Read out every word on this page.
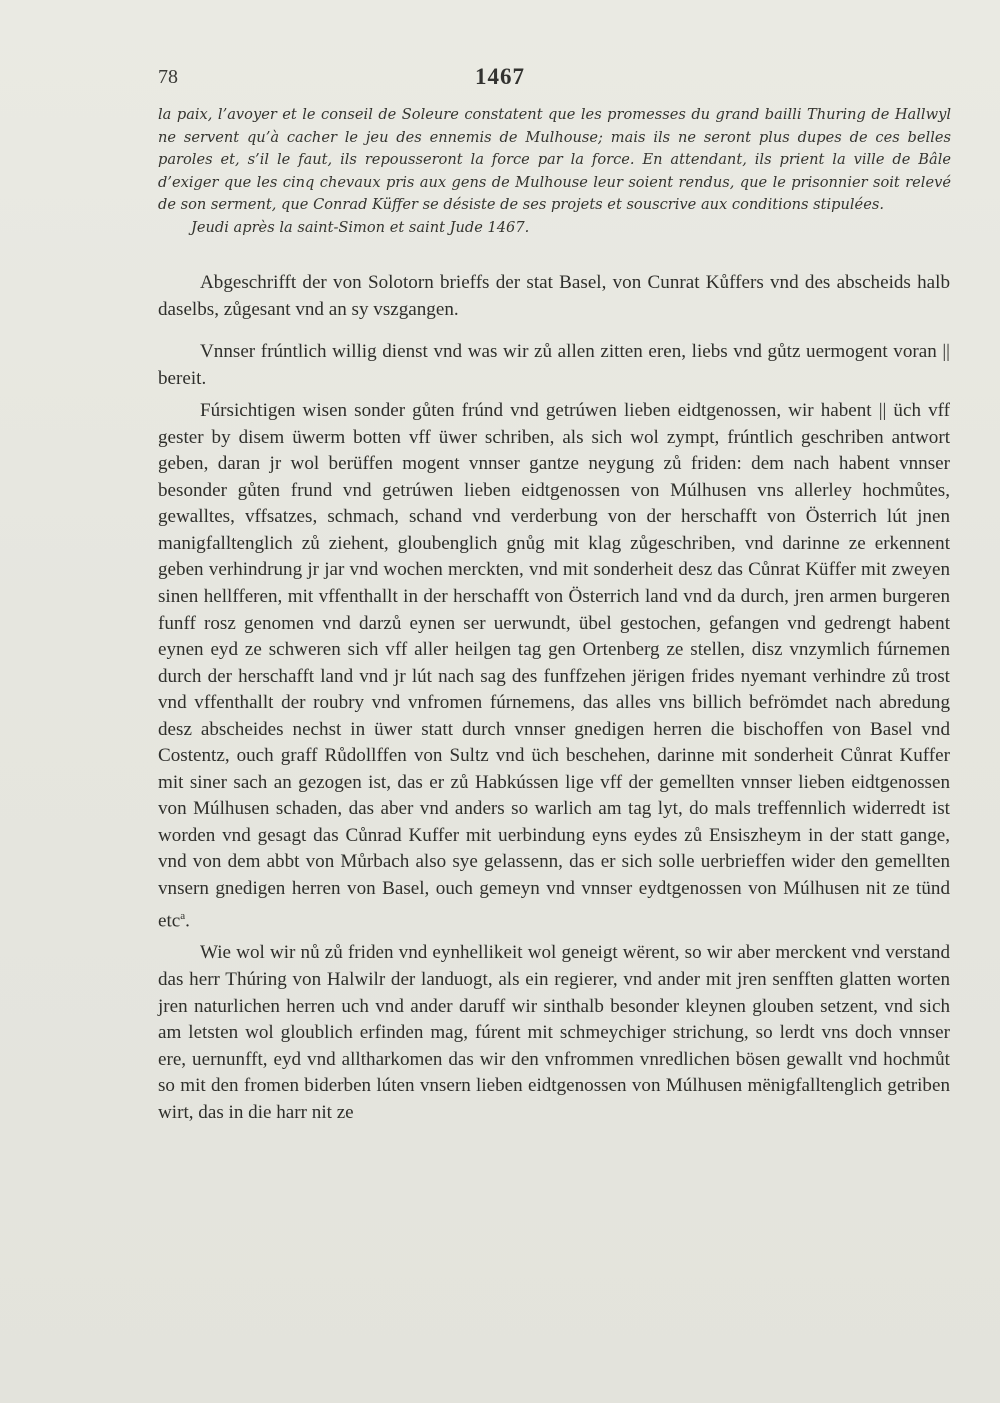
78	1467

la paix, l’avoyer et le conseil de Soleure constatent que les promesses du grand bailli Thuring de Hallwyl ne servent qu’à cacher le jeu des ennemis de Mulhouse; mais ils ne seront plus dupes de ces belles paroles et, s’il le faut, ils repousseront la force par la force. En attendant, ils prient la ville de Bâle d’exiger que les cinq chevaux pris aux gens de Mulhouse leur soient rendus, que le prisonnier soit relevé de son serment, que Conrad Küffer se désiste de ses projets et souscrive aux conditions stipulées.

Jeudi après la saint-Simon et saint Jude 1467.

Abgeschrifft der von Solotorn brieffs der stat Basel, von Cunrat Kůffers vnd des abscheids halb daselbs, zůgesant vnd an sy vszgangen.

Vnnser frúntlich willig dienst vnd was wir zů allen zitten eren, liebs vnd gůtz uermogent voran || bereit.

Fúrsichtigen wisen sonder gůten frúnd vnd getrúwen lieben eidtgenossen, wir habent || üch vff gester by disem üwerm botten vff üwer schriben, als sich wol zympt, frúntlich geschriben antwort geben, daran jr wol berüffen mogent vnnser gantze neygung zů friden: dem nach habent vnnser besonder gůten frund vnd getrúwen lieben eidtgenossen von Múlhusen vns allerley hochmůtes, gewalltes, vffsatzes, schmach, schand vnd verderbung von der herschafft von Österrich lút jnen manigfalltenglich zů ziehent, gloubenglich gnůg mit klag zůgeschriben, vnd darinne ze erkennent geben verhindrung jr jar vnd wochen merckten, vnd mit sonderheit desz das Cůnrat Küffer mit zweyen sinen hellfferen, mit vffenthallt in der herschafft von Österrich land vnd da durch, jren armen burgeren funff rosz genomen vnd darzů eynen ser uerwundt, übel gestochen, gefangen vnd gedrengt habent eynen eyd ze schweren sich vff aller heilgen tag gen Ortenberg ze stellen, disz vnzymlich fúrnemen durch der herschafft land vnd jr lút nach sag des funffzehen jërigen frides nyemant verhindre zů trost vnd vffenthallt der roubry vnd vnfromen fúrnemens, das alles vns billich befrömdet nach abredung desz abscheides nechst in üwer statt durch vnnser gnedigen herren die bischoffen von Basel vnd Costentz, ouch graff Růdollffen von Sultz vnd üch beschehen, darinne mit sonderheit Cůnrat Kuffer mit siner sach an gezogen ist, das er zů Habkússen lige vff der gemellten vnnser lieben eidtgenossen von Múlhusen schaden, das aber vnd anders so warlich am tag lyt, do mals treffennlich widerredt ist worden vnd gesagt das Cůnrad Kuffer mit uerbindung eyns eydes zů Ensiszheym in der statt gange, vnd von dem abbt von Můrbach also sye gelassenn, das er sich solle uerbrieffen wider den gemellten vnsern gnedigen herren von Basel, ouch gemeyn vnd vnnser eydtgenossen von Múlhusen nit ze tünd etc$^a$.

Wie wol wir nů zů friden vnd eynhellikeit wol geneigt wërent, so wir aber merckent vnd verstand das herr Thúring von Halwilr der landuogt, als ein regierer, vnd ander mit jren senfften glatten worten jren naturlichen herren uch vnd ander daruff wir sinthalb besonder kleynen glouben setzent, vnd sich am letsten wol gloublich erfinden mag, fúrent mit schmeychiger strichung, so lerdt vns doch vnnser ere, uernunfft, eyd vnd alltharkomen das wir den vnfrommen vnredlichen bösen gewallt vnd hochmůt so mit den fromen biderben lúten vnsern lieben eidtgenossen von Múlhusen mënigfalltenglich getriben wirt, das in die harr nit ze
